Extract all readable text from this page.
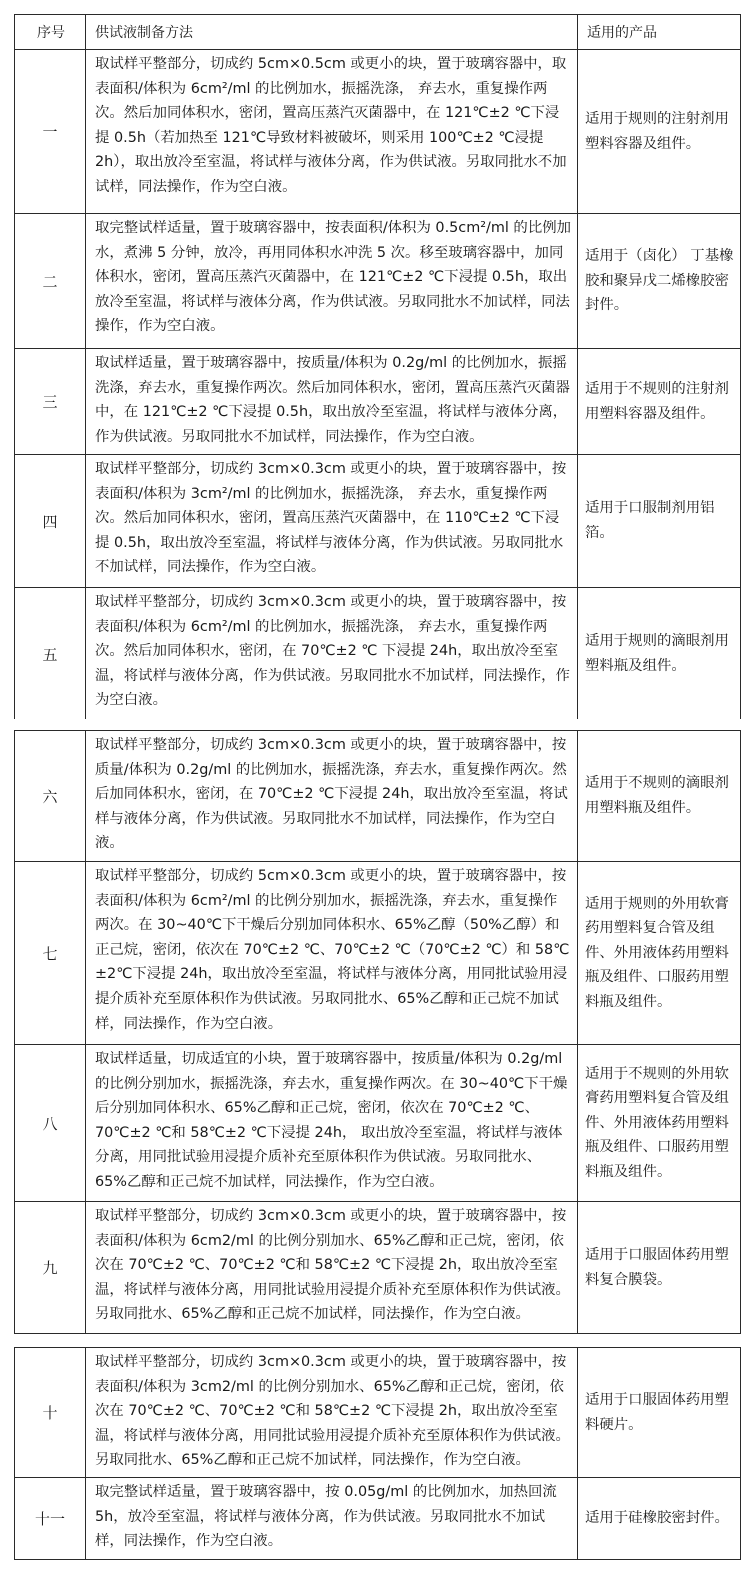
序号	供试液制备方法	适用的产品
一	取试样平整部分，切成约 5cm×0.5cm 或更小的块，置于玻璃容器中，取表面积/体积为 6cm²/ml 的比例加水，振摇洗涤， 弃去水，重复操作两次。然后加同体积水，密闭，置高压蒸汽灭菌器中，在 121℃±2 ℃下浸提 0.5h（若加热至 121℃导致材料被破坏，则采用 100℃±2 ℃浸提 2h），取出放冷至室温，将试样与液体分离，作为供试液。另取同批水不加试样，同法操作，作为空白液。	适用于规则的注射剂用塑料容器及组件。
二	取完整试样适量，置于玻璃容器中，按表面积/体积为 0.5cm²/ml 的比例加水，煮沸 5 分钟，放冷，再用同体积水冲洗 5 次。移至玻璃容器中，加同体积水，密闭，置高压蒸汽灭菌器中，在 121℃±2 ℃下浸提 0.5h，取出放冷至室温，将试样与液体分离，作为供试液。另取同批水不加试样，同法操作，作为空白液。	适用于（卤化） 丁基橡胶和聚异戊二烯橡胶密封件。
三	取试样适量，置于玻璃容器中，按质量/体积为 0.2g/ml 的比例加水，振摇洗涤，弃去水，重复操作两次。然后加同体积水，密闭，置高压蒸汽灭菌器中，在 121℃±2 ℃下浸提 0.5h，取出放冷至室温，将试样与液体分离，作为供试液。另取同批水不加试样，同法操作，作为空白液。	适用于不规则的注射剂用塑料容器及组件。
四	取试样平整部分，切成约 3cm×0.3cm 或更小的块，置于玻璃容器中，按表面积/体积为 3cm²/ml 的比例加水，振摇洗涤， 弃去水，重复操作两次。然后加同体积水，密闭，置高压蒸汽灭菌器中，在 110℃±2 ℃下浸提 0.5h，取出放冷至室温，将试样与液体分离，作为供试液。另取同批水不加试样，同法操作，作为空白液。	适用于口服制剂用铝箔。
五	取试样平整部分，切成约 3cm×0.3cm 或更小的块，置于玻璃容器中，按表面积/体积为 6cm²/ml 的比例加水，振摇洗涤， 弃去水，重复操作两次。然后加同体积水，密闭，在 70℃±2 ℃ 下浸提 24h，取出放冷至室温，将试样与液体分离，作为供试液。另取同批水不加试样，同法操作，作为空白液。	适用于规则的滴眼剂用塑料瓶及组件。
六	取试样平整部分，切成约 3cm×0.3cm 或更小的块，置于玻璃容器中，按质量/体积为 0.2g/ml 的比例加水，振摇洗涤，弃去水，重复操作两次。然后加同体积水，密闭，在 70℃±2 ℃下浸提 24h，取出放冷至室温，将试样与液体分离，作为供试液。另取同批水不加试样，同法操作，作为空白液。	适用于不规则的滴眼剂用塑料瓶及组件。
七	取试样平整部分，切成约 5cm×0.3cm 或更小的块，置于玻璃容器中，按表面积/体积为 6cm²/ml 的比例分别加水，振摇洗涤，弃去水，重复操作两次。在 30~40℃下干燥后分别加同体积水、65%乙醇（50%乙醇）和正己烷，密闭，依次在 70℃±2 ℃、70℃±2 ℃（70℃±2 ℃）和 58℃±2℃下浸提 24h，取出放冷至室温，将试样与液体分离，用同批试验用浸提介质补充至原体积作为供试液。另取同批水、65%乙醇和正己烷不加试样，同法操作，作为空白液。	适用于规则的外用软膏药用塑料复合管及组件、外用液体药用塑料瓶及组件、口服药用塑料瓶及组件。
八	取试样适量，切成适宜的小块，置于玻璃容器中，按质量/体积为 0.2g/ml 的比例分别加水，振摇洗涤，弃去水，重复操作两次。在 30~40℃下干燥后分别加同体积水、65%乙醇和正己烷，密闭，依次在 70℃±2 ℃、70℃±2 ℃和 58℃±2 ℃下浸提 24h， 取出放冷至室温，将试样与液体分离，用同批试验用浸提介质补充至原体积作为供试液。另取同批水、65%乙醇和正己烷不加试样，同法操作，作为空白液。	适用于不规则的外用软膏药用塑料复合管及组件、外用液体药用塑料瓶及组件、口服药用塑料瓶及组件。
九	取试样平整部分，切成约 3cm×0.3cm 或更小的块，置于玻璃容器中，按表面积/体积为 6cm2/ml 的比例分别加水、65%乙醇和正己烷，密闭，依次在 70℃±2 ℃、70℃±2 ℃和 58℃±2 ℃下浸提 2h，取出放冷至室温，将试样与液体分离，用同批试验用浸提介质补充至原体积作为供试液。另取同批水、65%乙醇和正己烷不加试样，同法操作，作为空白液。	适用于口服固体药用塑料复合膜袋。
十	取试样平整部分，切成约 3cm×0.3cm 或更小的块，置于玻璃容器中，按表面积/体积为 3cm2/ml 的比例分别加水、65%乙醇和正己烷，密闭，依次在 70℃±2 ℃、70℃±2 ℃和 58℃±2 ℃下浸提 2h，取出放冷至室温，将试样与液体分离，用同批试验用浸提介质补充至原体积作为供试液。另取同批水、65%乙醇和正己烷不加试样，同法操作，作为空白液。	适用于口服固体药用塑料硬片。
十一	取完整试样适量，置于玻璃容器中，按 0.05g/ml 的比例加水，加热回流 5h，放冷至室温，将试样与液体分离，作为供试液。另取同批水不加试样，同法操作，作为空白液。	适用于硅橡胶密封件。
